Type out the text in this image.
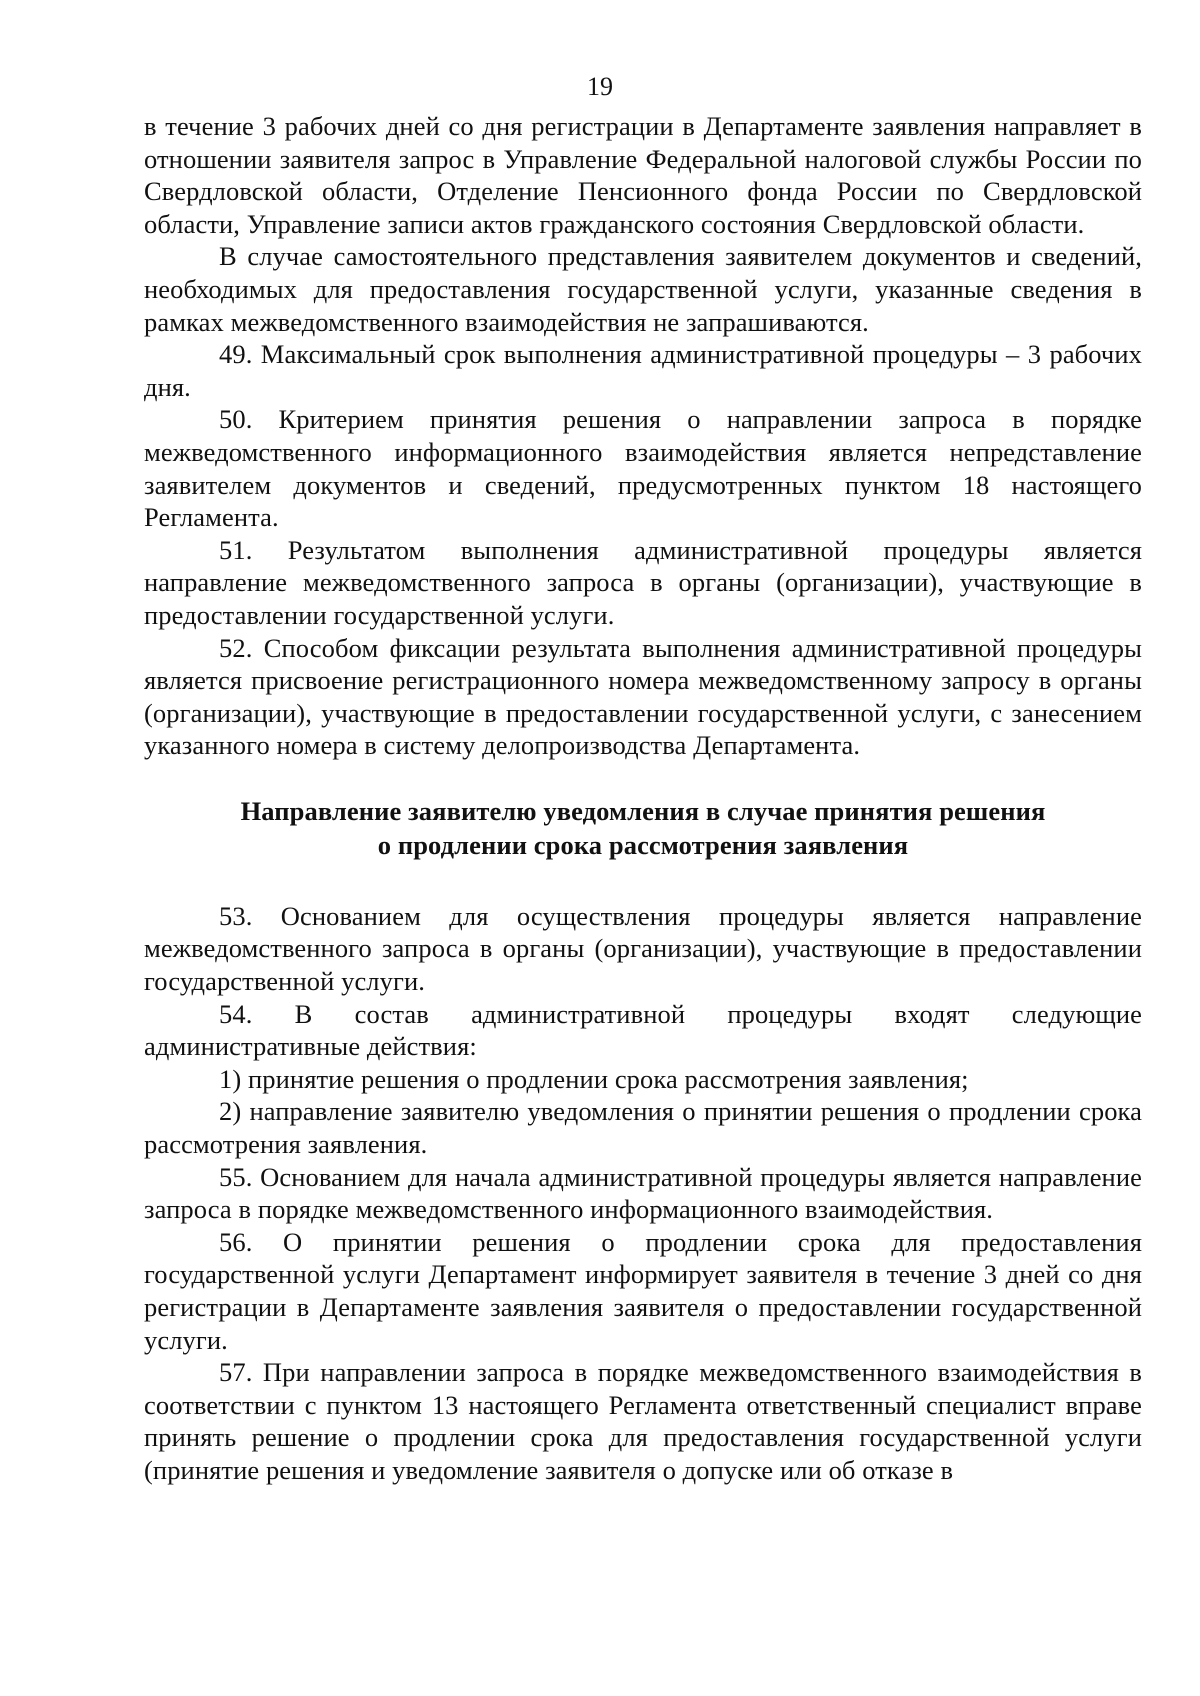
19

в течение 3 рабочих дней со дня регистрации в Департаменте заявления направляет в отношении заявителя запрос в Управление Федеральной налоговой службы России по Свердловской области, Отделение Пенсионного фонда России по Свердловской области, Управление записи актов гражданского состояния Свердловской области.

В случае самостоятельного представления заявителем документов и сведений, необходимых для предоставления государственной услуги, указанные сведения в рамках межведомственного взаимодействия не запрашиваются.

49. Максимальный срок выполнения административной процедуры – 3 рабочих дня.

50. Критерием принятия решения о направлении запроса в порядке межведомственного информационного взаимодействия является непредставление заявителем документов и сведений, предусмотренных пунктом 18 настоящего Регламента.

51. Результатом выполнения административной процедуры является направление межведомственного запроса в органы (организации), участвующие в предоставлении государственной услуги.

52. Способом фиксации результата выполнения административной процедуры является присвоение регистрационного номера межведомственному запросу в органы (организации), участвующие в предоставлении государственной услуги, с занесением указанного номера в систему делопроизводства Департамента.

Направление заявителю уведомления в случае принятия решения
о продлении срока рассмотрения заявления

53. Основанием для осуществления процедуры является направление межведомственного запроса в органы (организации), участвующие в предоставлении государственной услуги.

54. В состав административной процедуры входят следующие административные действия:

1) принятие решения о продлении срока рассмотрения заявления;

2) направление заявителю уведомления о принятии решения о продлении срока рассмотрения заявления.

55. Основанием для начала административной процедуры является направление запроса в порядке межведомственного информационного взаимодействия.

56. О принятии решения о продлении срока для предоставления государственной услуги Департамент информирует заявителя в течение 3 дней со дня регистрации в Департаменте заявления заявителя о предоставлении государственной услуги.

57. При направлении запроса в порядке межведомственного взаимодействия в соответствии с пунктом 13 настоящего Регламента ответственный специалист вправе принять решение о продлении срока для предоставления государственной услуги (принятие решения и уведомление заявителя о допуске или об отказе в
